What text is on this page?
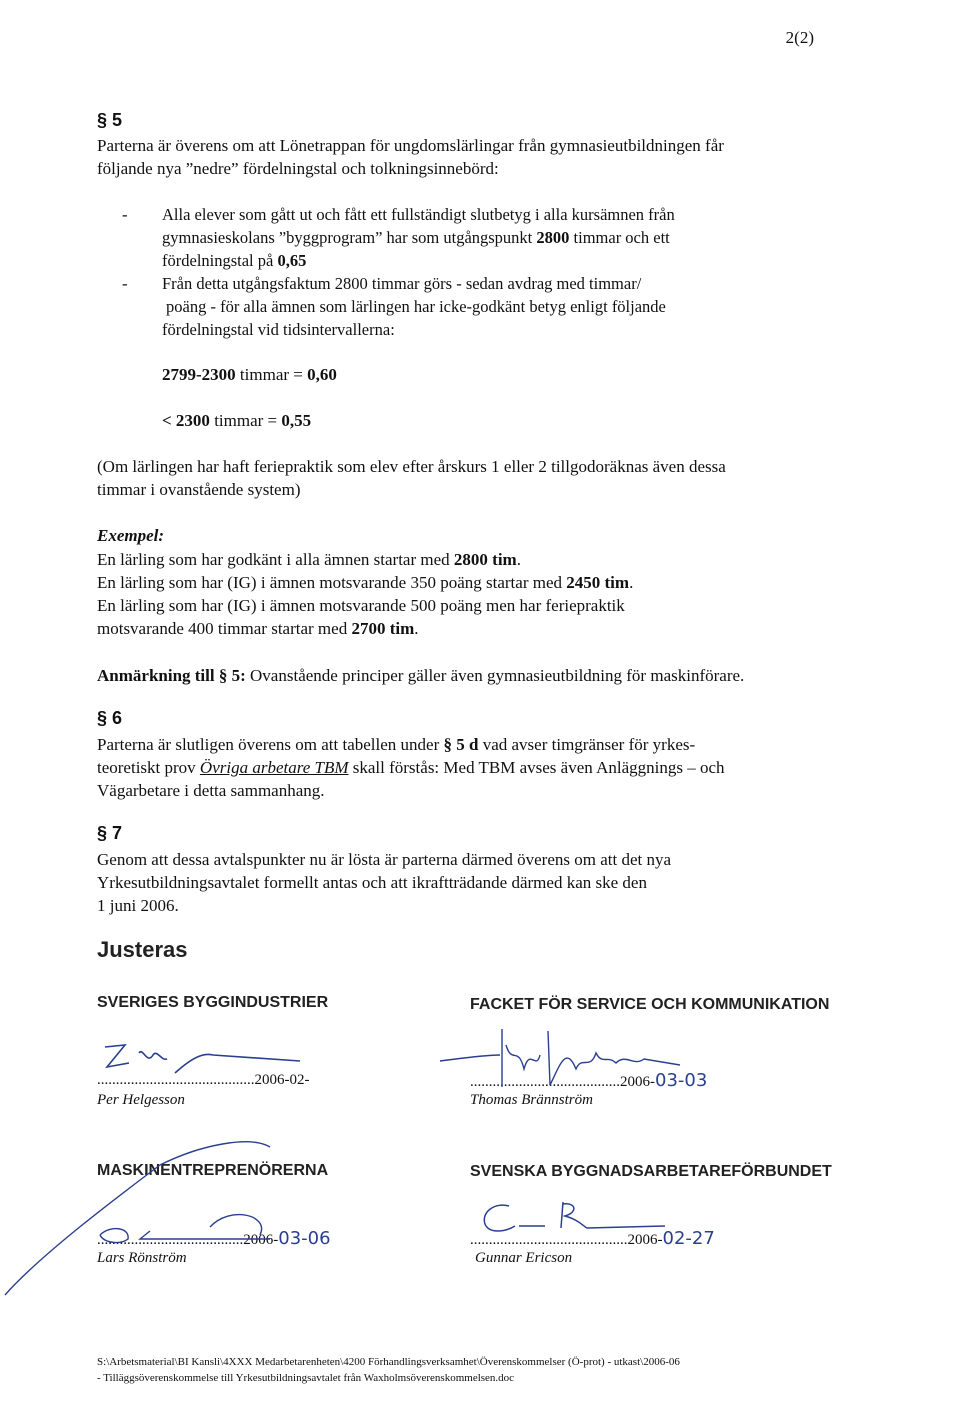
2(2)
§ 5
Parterna är överens om att Lönetrappan för ungdomslärlingar från gymnasieutbildningen får
följande nya ”nedre” fördelningstal och tolkningsinnebörd:
- Alla elever som gått ut och fått ett fullständigt slutbetyg i alla kursämnen från
gymnasieskolans ”byggprogram” har som utgångspunkt 2800 timmar och ett
fördelningstal på 0,65
- Från detta utgångsfaktum 2800 timmar görs - sedan avdrag med timmar/
poäng - för alla ämnen som lärlingen har icke-godkänt betyg enligt följande
fördelningstal vid tidsintervallerna:
2799-2300 timmar = 0,60
< 2300 timmar = 0,55
(Om lärlingen har haft feriepraktik som elev efter årskurs 1 eller 2 tillgodoräknas även dessa
timmar i ovanstående system)
Exempel:
En lärling som har godkänt i alla ämnen startar med 2800 tim.
En lärling som har (IG) i ämnen motsvarande 350 poäng startar med 2450 tim.
En lärling som har (IG) i ämnen motsvarande 500 poäng men har feriepraktik
motsvarande 400 timmar startar med 2700 tim.
Anmärkning till § 5: Ovanstående principer gäller även gymnasieutbildning för maskinförare.
§ 6
Parterna är slutligen överens om att tabellen under § 5 d vad avser timgränser för yrkes-
teoretiskt prov Övriga arbetare TBM skall förstås: Med TBM avses även Anläggnings – och
Vägarbetare i detta sammanhang.
§ 7
Genom att dessa avtalspunkter nu är lösta är parterna därmed överens om att det nya
Yrkesutbildningsavtalet formellt antas och att ikraftträdande därmed kan ske den
1 juni 2006.
Justeras
SVERIGES BYGGINDUSTRIER
..........................................2006-02-
Per Helgesson
FACKET FÖR SERVICE OCH KOMMUNIKATION
........................................2006-03-03
Thomas Brännström
MASKINENTREPRENÖRERNA
.......................................2006-03-06
Lars Rönström
SVENSKA BYGGNADSARBETAREFÖRBUNDET
..........................................2006-02-27
Gunnar Ericson
S:\Arbetsmaterial\BI Kansli\4XXX Medarbetarenheten\4200 Förhandlingsverksamhet\Överenskommelser (Ö-prot) - utkast\2006-06
- Tilläggsöverenskommelse till Yrkesutbildningsavtalet från Waxholmsöverenskommelsen.doc
